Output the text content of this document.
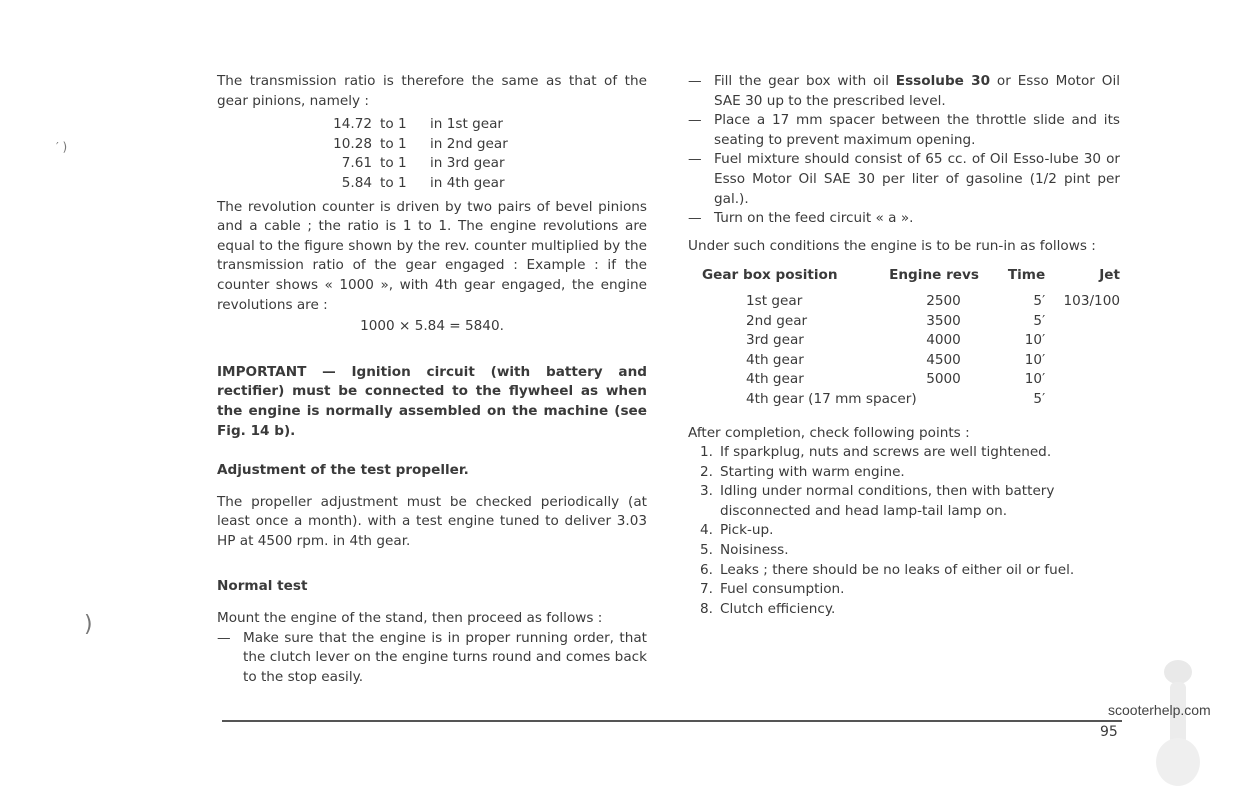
The transmission ratio is therefore the same as that of the gear pinions, namely :

14.72	to 1	in 1st gear
10.28	to 1	in 2nd gear
7.61	to 1	in 3rd gear
5.84	to 1	in 4th gear

The revolution counter is driven by two pairs of bevel pinions and a cable ; the ratio is 1 to 1. The engine revolutions are equal to the figure shown by the rev. counter multiplied by the transmission ratio of the gear engaged : Example : if the counter shows « 1000 », with 4th gear engaged, the engine revolutions are :

1000 × 5.84 = 5840.

IMPORTANT — Ignition circuit (with battery and rectifier) must be connected to the flywheel as when the engine is normally assembled on the machine (see Fig. 14 b).

Adjustment of the test propeller.

The propeller adjustment must be checked periodically (at least once a month). with a test engine tuned to deliver 3.03 HP at 4500 rpm. in 4th gear.

Normal test

Mount the engine of the stand, then proceed as follows :

— Make sure that the engine is in proper running order, that the clutch lever on the engine turns round and comes back to the stop easily.
— Fill the gear box with oil Essolube 30 or Esso Motor Oil SAE 30 up to the prescribed level.
— Place a 17 mm spacer between the throttle slide and its seating to prevent maximum opening.
— Fuel mixture should consist of 65 cc. of Oil Esso-lube 30 or Esso Motor Oil SAE 30 per liter of gasoline (1/2 pint per gal.).
— Turn on the feed circuit « a ».

Under such conditions the engine is to be run-in as follows :

Gear box position	Engine revs	Time	Jet
1st gear	2500	5′	103/100
2nd gear	3500	5′	
3rd gear	4000	10′	
4th gear	4500	10′	
4th gear	5000	10′	
4th gear (17 mm spacer)		5′	

After completion, check following points :

1. If sparkplug, nuts and screws are well tightened.
2. Starting with warm engine.
3. Idling under normal conditions, then with battery disconnected and head lamp-tail lamp on.
4. Pick-up.
5. Noisiness.
6. Leaks ; there should be no leaks of either oil or fuel.
7. Fuel consumption.
8. Clutch efficiency.
95
scooterhelp.com
′ )
)
